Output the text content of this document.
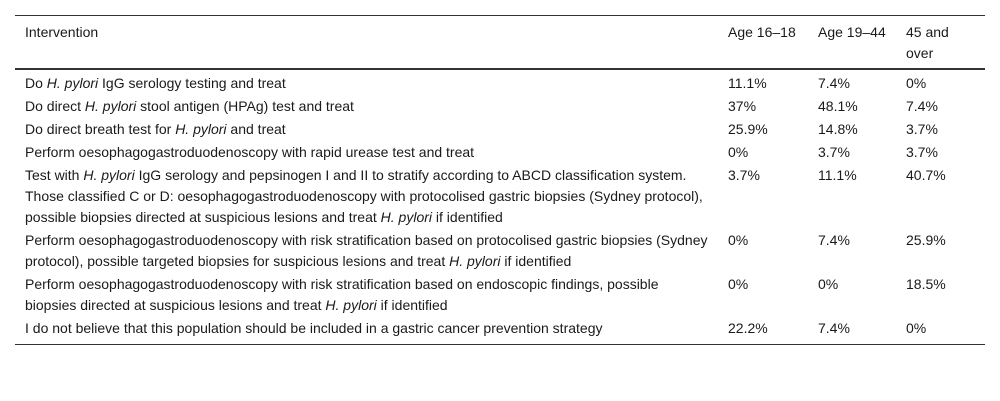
Intervention	Age 16–18	Age 19–44	45 and over
Do H. pylori IgG serology testing and treat	11.1%	7.4%	0%
Do direct H. pylori stool antigen (HPAg) test and treat	37%	48.1%	7.4%
Do direct breath test for H. pylori and treat	25.9%	14.8%	3.7%
Perform oesophagogastroduodenoscopy with rapid urease test and treat	0%	3.7%	3.7%
Test with H. pylori IgG serology and pepsinogen I and II to stratify according to ABCD classification system. Those classified C or D: oesophagogastroduodenoscopy with protocolised gastric biopsies (Sydney protocol), possible biopsies directed at suspicious lesions and treat H. pylori if identified	3.7%	11.1%	40.7%
Perform oesophagogastroduodenoscopy with risk stratification based on protocolised gastric biopsies (Sydney protocol), possible targeted biopsies for suspicious lesions and treat H. pylori if identified	0%	7.4%	25.9%
Perform oesophagogastroduodenoscopy with risk stratification based on endoscopic findings, possible biopsies directed at suspicious lesions and treat H. pylori if identified	0%	0%	18.5%
I do not believe that this population should be included in a gastric cancer prevention strategy	22.2%	7.4%	0%
